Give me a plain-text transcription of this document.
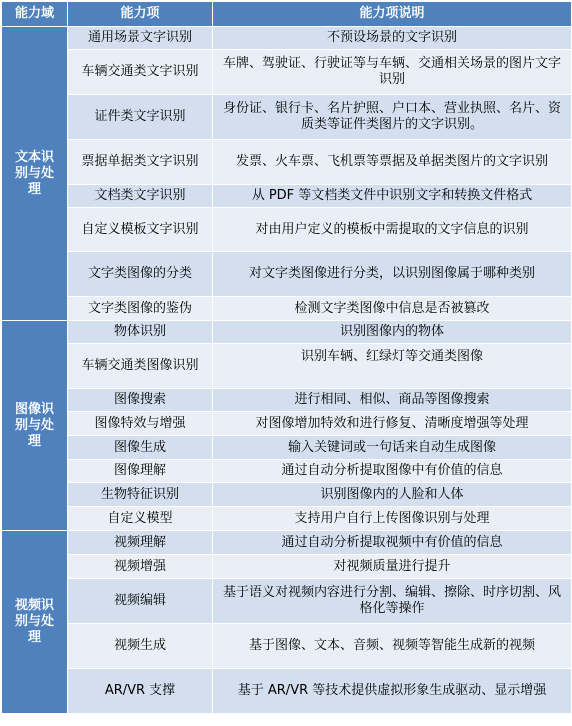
能力域	能力项	能力项说明
文本识别与处理	通用场景文字识别	不预设场景的文字识别
	车辆交通类文字识别	车牌、驾驶证、行驶证等与车辆、交通相关场景的图片文字识别
	证件类文字识别	身份证、银行卡、名片护照、户口本、营业执照、名片、资质类等证件类图片的文字识别。
	票据单据类文字识别	发票、火车票、飞机票等票据及单据类图片的文字识别
	文档类文字识别	从 PDF 等文档类文件中识别文字和转换文件格式
	自定义模板文字识别	对由用户定义的模板中需提取的文字信息的识别
	文字类图像的分类	对文字类图像进行分类，以识别图像属于哪种类别
	文字类图像的鉴伪	检测文字类图像中信息是否被篡改
图像识别与处理	物体识别	识别图像内的物体
	车辆交通类图像识别	识别车辆、红绿灯等交通类图像
	图像搜索	进行相同、相似、商品等图像搜索
	图像特效与增强	对图像增加特效和进行修复、清晰度增强等处理
	图像生成	输入关键词或一句话来自动生成图像
	图像理解	通过自动分析提取图像中有价值的信息
	生物特征识别	识别图像内的人脸和人体
	自定义模型	支持用户自行上传图像识别与处理
视频识别与处理	视频理解	通过自动分析提取视频中有价值的信息
	视频增强	对视频质量进行提升
	视频编辑	基于语义对视频内容进行分割、编辑、擦除、时序切割、风格化等操作
	视频生成	基于图像、文本、音频、视频等智能生成新的视频
	AR/VR 支撑	基于 AR/VR 等技术提供虚拟形象生成驱动、显示增强
